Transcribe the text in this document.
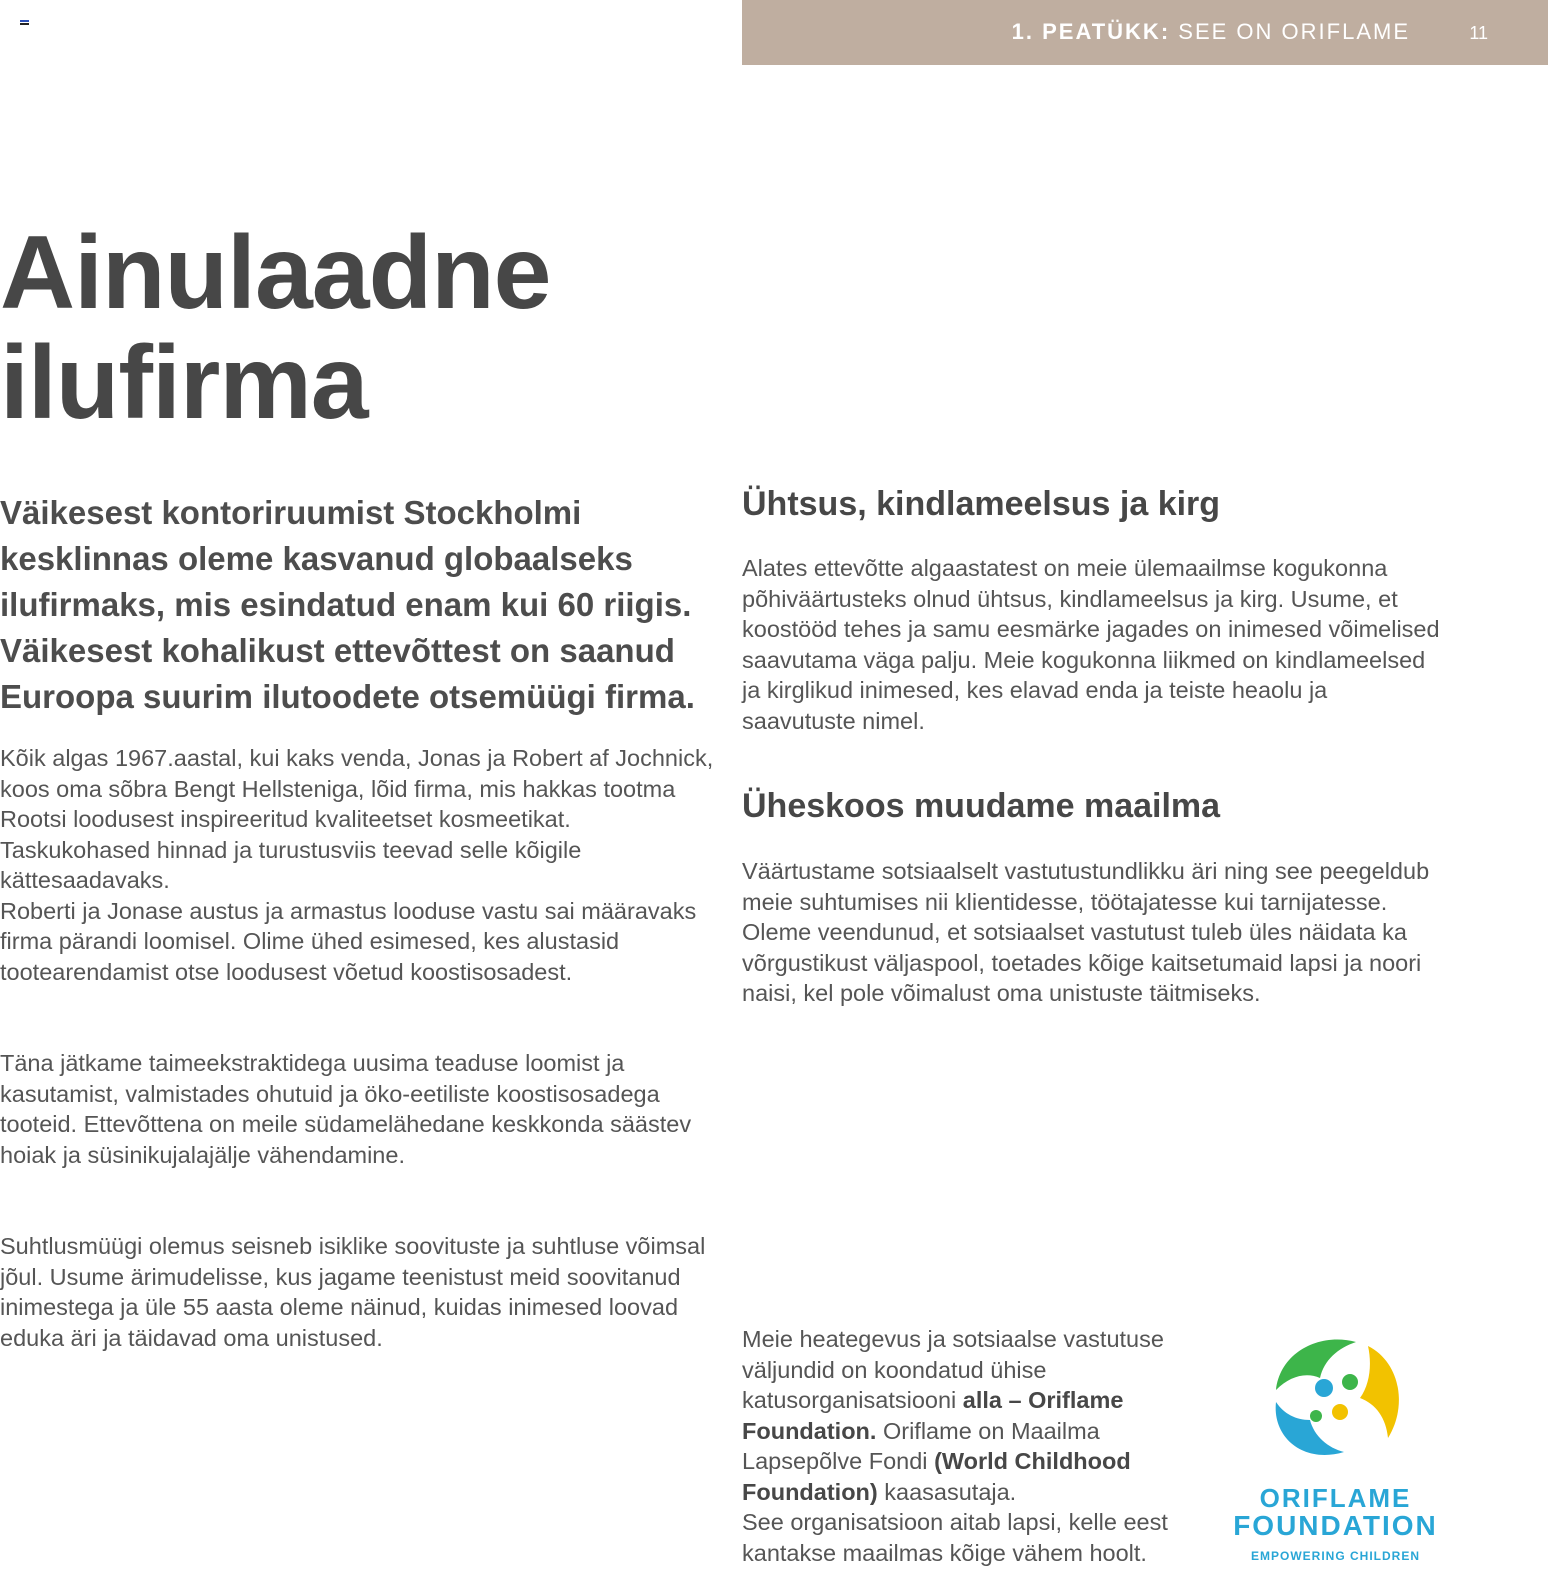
1. PEATÜKK: SEE ON ORIFLAME	11
Ainulaadne
ilufirma

Väikesest kontoriruumist Stockholmi kesklinnas oleme kasvanud globaalseks ilufirmaks, mis esindatud enam kui 60 riigis. Väikesest kohalikust ettevõttest on saanud Euroopa suurim ilutoodete otsemüügi firma.

Kõik algas 1967.aastal, kui kaks venda, Jonas ja Robert af Jochnick, koos oma sõbra Bengt Hellsteniga, lõid firma, mis hakkas tootma Rootsi loodusest inspireeritud kvaliteetset kosmeetikat. Taskukohased hinnad ja turustusviis teevad selle kõigile kättesaadavaks.
Roberti ja Jonase austus ja armastus looduse vastu sai määravaks firma pärandi loomisel. Olime ühed esimesed, kes alustasid tootearendamist otse loodusest võetud koostisosadest.

Täna jätkame taimeekstraktidega uusima teaduse loomist ja kasutamist, valmistades ohutuid ja öko-eetiliste koostisosadega tooteid. Ettevõttena on meile südamelähedane keskkonda säästev hoiak ja süsinikujalajälje vähendamine.

Suhtlusmüügi olemus seisneb isiklike soovituste ja suhtluse võimsal jõul. Usume ärimudelisse, kus jagame teenistust meid soovitanud inimestega ja üle 55 aasta oleme näinud, kuidas inimesed loovad eduka äri ja täidavad oma unistused.

Ühtsus, kindlameelsus ja kirg

Alates ettevõtte algaastatest on meie ülemaailmse kogukonna põhiväärtusteks olnud ühtsus, kindlameelsus ja kirg. Usume, et koostööd tehes ja samu eesmärke jagades on inimesed võimelised saavutama väga palju. Meie kogukonna liikmed on kindlameelsed ja kirglikud inimesed, kes elavad enda ja teiste heaolu ja saavutuste nimel.

Üheskoos muudame maailma

Väärtustame sotsiaalselt vastutustundlikku äri ning see peegeldub meie suhtumises nii klientidesse, töötajatesse kui tarnijatesse. Oleme veendunud, et sotsiaalset vastutust tuleb üles näidata ka võrgustikust väljaspool, toetades kõige kaitsetumaid lapsi ja noori naisi, kel pole võimalust oma unistuste täitmiseks.

Meie heategevus ja sotsiaalse vastutuse väljundid on koondatud ühise katusorganisatsiooni alla – Oriflame Foundation. Oriflame on Maailma Lapsepõlve Fondi (World Childhood Foundation) kaasasutaja.
See organisatsioon aitab lapsi, kelle eest kantakse maailmas kõige vähem hoolt.

ORIFLAME
FOUNDATION
EMPOWERING CHILDREN
